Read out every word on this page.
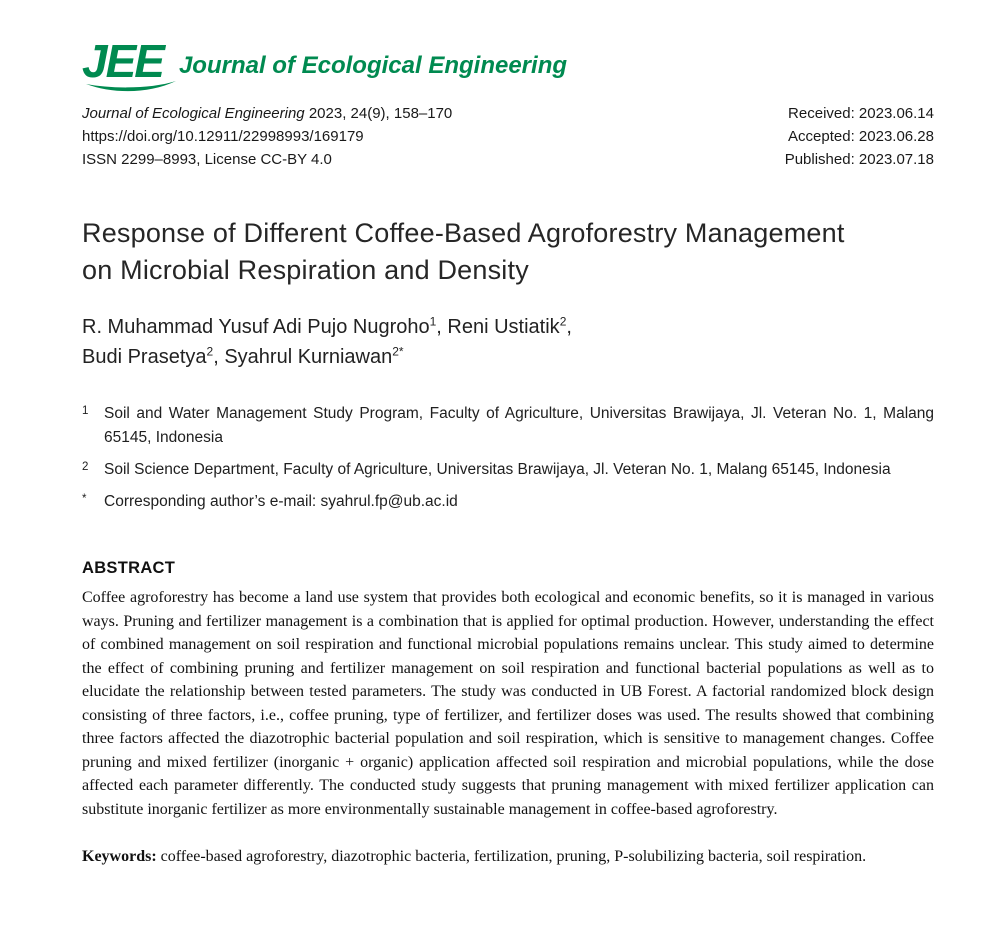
JEE Journal of Ecological Engineering

Journal of Ecological Engineering 2023, 24(9), 158–170

https://doi.org/10.12911/22998993/169179

ISSN 2299–8993, License CC-BY 4.0

Received: 2023.06.14

Accepted: 2023.06.28

Published: 2023.07.18

Response of Different Coffee-Based Agroforestry Management
on Microbial Respiration and Density

R. Muhammad Yusuf Adi Pujo Nugroho$^1$, Reni Ustiatik$^2$,
Budi Prasetya$^2$, Syahrul Kurniawan$^{2*}$

1	Soil and Water Management Study Program, Faculty of Agriculture, Universitas Brawijaya, Jl. Veteran No. 1, Malang 65145, Indonesia
2	Soil Science Department, Faculty of Agriculture, Universitas Brawijaya, Jl. Veteran No. 1, Malang 65145, Indonesia
*	Corresponding author’s e-mail: syahrul.fp@ub.ac.id
ABSTRACT

Coffee agroforestry has become a land use system that provides both ecological and economic benefits, so it is managed in various ways. Pruning and fertilizer management is a combination that is applied for optimal production. However, understanding the effect of combined management on soil respiration and functional microbial populations remains unclear. This study aimed to determine the effect of combining pruning and fertilizer management on soil respiration and functional bacterial populations as well as to elucidate the relationship between tested parameters. The study was conducted in UB Forest. A factorial randomized block design consisting of three factors, i.e., coffee pruning, type of fertilizer, and fertilizer doses was used. The results showed that combining three factors affected the diazotrophic bacterial population and soil respiration, which is sensitive to management changes. Coffee pruning and mixed fertilizer (inorganic + organic) application affected soil respiration and microbial populations, while the dose affected each parameter differently. The conducted study suggests that pruning management with mixed fertilizer application can substitute inorganic fertilizer as more environmentally sustainable management in coffee-based agroforestry.

Keywords: coffee-based agroforestry, diazotrophic bacteria, fertilization, pruning, P-solubilizing bacteria, soil respiration.
